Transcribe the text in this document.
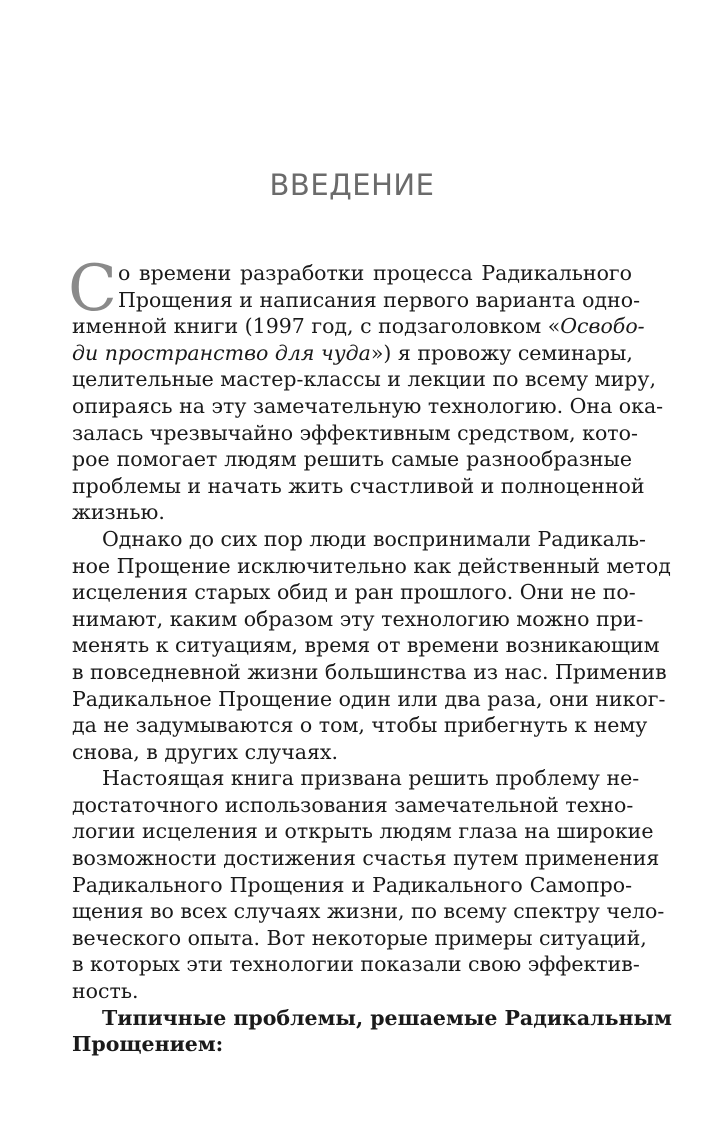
ВВЕДЕНИЕ
С о времени разработки процесса Радикального
Прощения и написания первого варианта одно-
именной книги (1997 год, с подзаголовком «Освобо-
ди пространство для чуда») я провожу семинары,
целительные мастер-классы и лекции по всему миру,
опираясь на эту замечательную технологию. Она ока-
залась чрезвычайно эффективным средством, кото-
рое помогает людям решить самые разнообразные
проблемы и начать жить счастливой и полноценной
жизнью.
Однако до сих пор люди воспринимали Радикаль-
ное Прощение исключительно как действенный метод
исцеления старых обид и ран прошлого. Они не по-
нимают, каким образом эту технологию можно при-
менять к ситуациям, время от времени возникающим
в повседневной жизни большинства из нас. Применив
Радикальное Прощение один или два раза, они никог-
да не задумываются о том, чтобы прибегнуть к нему
снова, в других случаях.
Настоящая книга призвана решить проблему не-
достаточного использования замечательной техно-
логии исцеления и открыть людям глаза на широкие
возможности достижения счастья путем применения
Радикального Прощения и Радикального Самопро-
щения во всех случаях жизни, по всему спектру чело-
веческого опыта. Вот некоторые примеры ситуаций,
в которых эти технологии показали свою эффектив-
ность.
Типичные проблемы, решаемые Радикальным
Прощением:
